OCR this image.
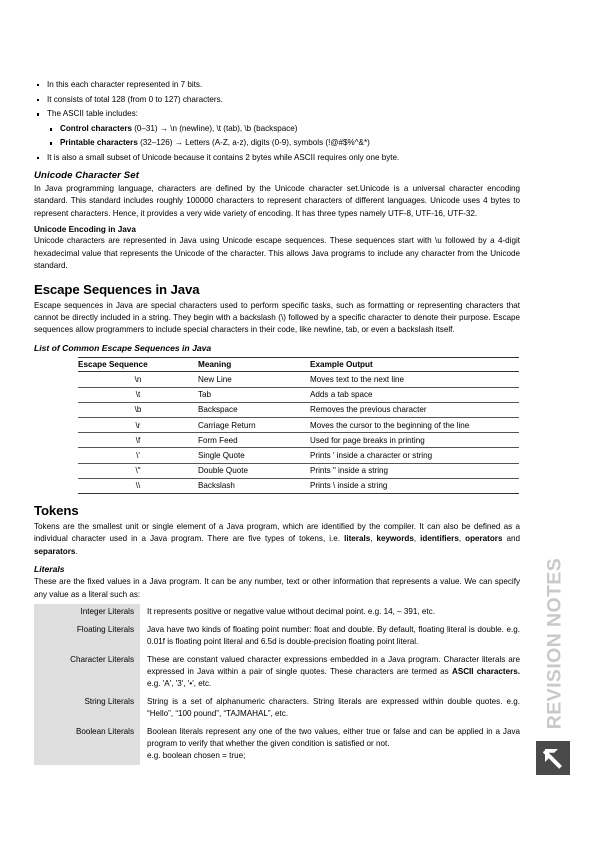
In this each character represented in 7 bits.
It consists of total 128 (from 0 to 127) characters.
The ASCII table includes:
Control characters (0–31) → \n (newline), \t (tab), \b (backspace)
Printable characters (32–126) → Letters (A-Z, a-z), digits (0-9), symbols (!@#$%^&*)
It is also a small subset of Unicode because it contains 2 bytes while ASCII requires only one byte.
Unicode Character Set

In Java programming language, characters are defined by the Unicode character set.Unicode is a universal character encoding standard. This standard includes roughly 100000 characters to represent characters of different languages. Unicode uses 4 bytes to represent characters. Hence, it provides a very wide variety of encoding. It has three types namely UTF-8, UTF-16, UTF-32.

Unicode Encoding in Java

Unicode characters are represented in Java using Unicode escape sequences. These sequences start with \u followed by a 4-digit hexadecimal value that represents the Unicode of the character. This allows Java programs to include any character from the Unicode standard.

Escape Sequences in Java

Escape sequences in Java are special characters used to perform specific tasks, such as formatting or representing characters that cannot be directly included in a string. They begin with a backslash (\) followed by a specific character to denote their purpose. Escape sequences allow programmers to include special characters in their code, like newline, tab, or even a backslash itself.

List of Common Escape Sequences in Java
Escape Sequence	Meaning	Example Output
\n	New Line	Moves text to the next line
\t	Tab	Adds a tab space
\b	Backspace	Removes the previous character
\r	Carriage Return	Moves the cursor to the beginning of the line
\f	Form Feed	Used for page breaks in printing
\'	Single Quote	Prints ' inside a character or string
\"	Double Quote	Prints " inside a string
\\	Backslash	Prints \ inside a string
Tokens

Tokens are the smallest unit or single element of a Java program, which are identified by the compiler. It can also be defined as a individual character used in a Java program. There are five types of tokens, i.e. literals, keywords, identifiers, operators and separators.

Literals

These are the fixed values in a Java program. It can be any number, text or other information that represents a value. We can specify any value as a literal such as:

Integer Literals	It represents positive or negative value without decimal point. e.g. 14, – 391, etc.

Floating Literals	Java have two kinds of floating point number: float and double. By default, floating literal is double. e.g. 0.01f is floating point literal and 6.5d is double-precision floating point literal.

Character Literals	These are constant valued character expressions embedded in a Java program. Character literals are expressed in Java within a pair of single quotes. These characters are termed as ASCII characters. e.g. 'A', '3', '•', etc.
String Literals	String is a set of alphanumeric characters. String literals are expressed within double quotes. e.g. “Hello”, “100 pound”, “TAJMAHAL”, etc.

Boolean Literals	Boolean literals represent any one of the two values, either true or false and can be applied in a Java program to verify that whether the given condition is satisfied or not.
e.g. boolean chosen = true;
REVISION NOTES
